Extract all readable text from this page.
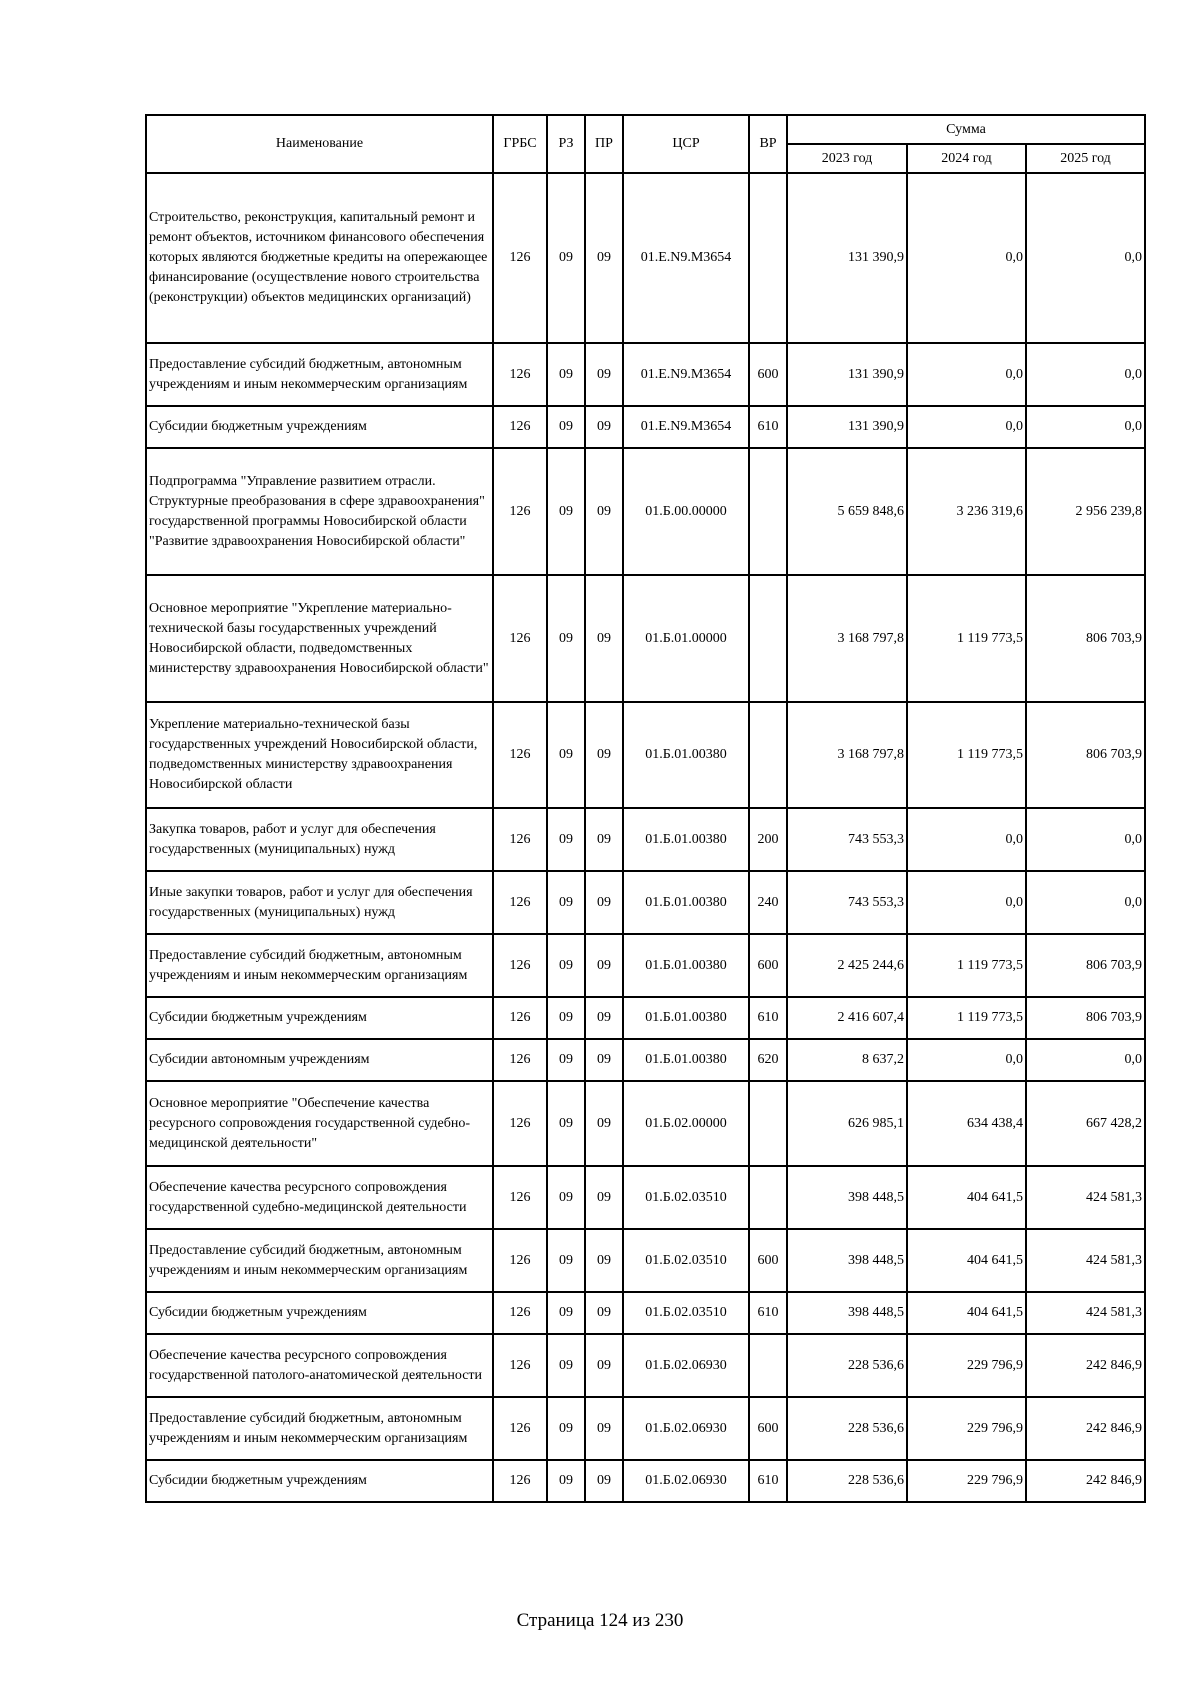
Наименование	ГРБС	РЗ	ПР	ЦСР	ВР	Сумма		
						2023 год	2024 год	2025 год
Строительство, реконструкция, капитальный ремонт и ремонт объектов, источником финансового обеспечения которых являются бюджетные кредиты на опережающее финансирование (осуществление нового строительства (реконструкции) объектов медицинских организаций)	126	09	09	01.Е.N9.М3654		131 390,9	0,0	0,0
Предоставление субсидий бюджетным, автономным учреждениям и иным некоммерческим организациям	126	09	09	01.Е.N9.М3654	600	131 390,9	0,0	0,0
Субсидии бюджетным учреждениям	126	09	09	01.Е.N9.М3654	610	131 390,9	0,0	0,0
Подпрограмма "Управление развитием отрасли. Структурные преобразования в сфере здравоохранения" государственной программы Новосибирской области "Развитие здравоохранения Новосибирской области"	126	09	09	01.Б.00.00000		5 659 848,6	3 236 319,6	2 956 239,8
Основное мероприятие "Укрепление материально-технической базы государственных учреждений Новосибирской области, подведомственных министерству здравоохранения Новосибирской области"	126	09	09	01.Б.01.00000		3 168 797,8	1 119 773,5	806 703,9
Укрепление материально-технической базы государственных учреждений Новосибирской области, подведомственных министерству здравоохранения Новосибирской области	126	09	09	01.Б.01.00380		3 168 797,8	1 119 773,5	806 703,9
Закупка товаров, работ и услуг для обеспечения государственных (муниципальных) нужд	126	09	09	01.Б.01.00380	200	743 553,3	0,0	0,0
Иные закупки товаров, работ и услуг для обеспечения государственных (муниципальных) нужд	126	09	09	01.Б.01.00380	240	743 553,3	0,0	0,0
Предоставление субсидий бюджетным, автономным учреждениям и иным некоммерческим организациям	126	09	09	01.Б.01.00380	600	2 425 244,6	1 119 773,5	806 703,9
Субсидии бюджетным учреждениям	126	09	09	01.Б.01.00380	610	2 416 607,4	1 119 773,5	806 703,9
Субсидии автономным учреждениям	126	09	09	01.Б.01.00380	620	8 637,2	0,0	0,0
Основное мероприятие "Обеспечение качества ресурсного сопровождения государственной судебно-медицинской деятельности"	126	09	09	01.Б.02.00000		626 985,1	634 438,4	667 428,2
Обеспечение качества ресурсного сопровождения государственной судебно-медицинской деятельности	126	09	09	01.Б.02.03510		398 448,5	404 641,5	424 581,3
Предоставление субсидий бюджетным, автономным учреждениям и иным некоммерческим организациям	126	09	09	01.Б.02.03510	600	398 448,5	404 641,5	424 581,3
Субсидии бюджетным учреждениям	126	09	09	01.Б.02.03510	610	398 448,5	404 641,5	424 581,3
Обеспечение качества ресурсного сопровождения государственной патолого-анатомической деятельности	126	09	09	01.Б.02.06930		228 536,6	229 796,9	242 846,9
Предоставление субсидий бюджетным, автономным учреждениям и иным некоммерческим организациям	126	09	09	01.Б.02.06930	600	228 536,6	229 796,9	242 846,9
Субсидии бюджетным учреждениям	126	09	09	01.Б.02.06930	610	228 536,6	229 796,9	242 846,9
Страница 124 из 230
